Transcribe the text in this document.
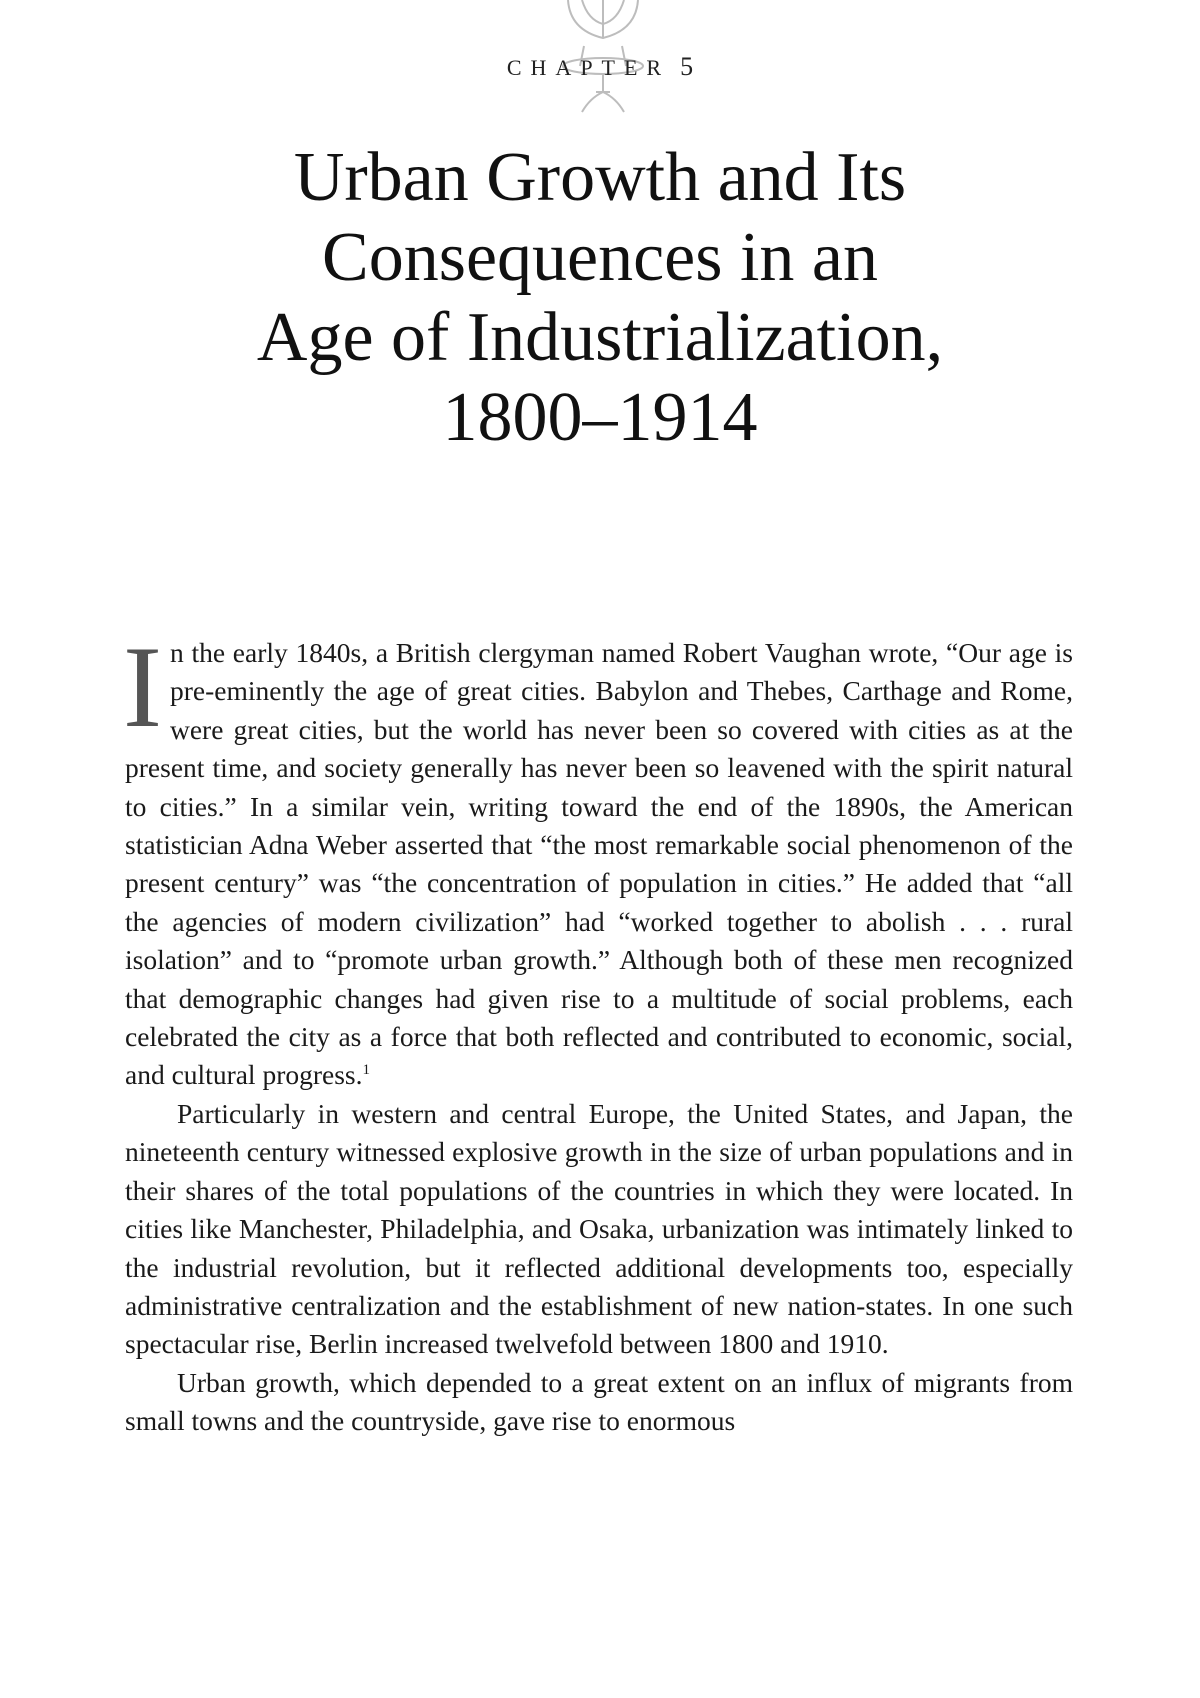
CHAPTER 5
Urban Growth and Its
Consequences in an
Age of Industrialization,
1800–1914

In the early 1840s, a British clergyman named Robert Vaughan wrote, “Our age is pre-eminently the age of great cities. Babylon and Thebes, Carthage and Rome, were great cities, but the world has never been so covered with cities as at the present time, and society generally has never been so leavened with the spirit natural to cities.” In a similar vein, writing toward the end of the 1890s, the American statistician Adna Weber asserted that “the most remarkable social phenomenon of the present century” was “the concentration of population in cities.” He added that “all the agencies of modern civilization” had “worked together to abolish . . . rural isolation” and to “promote urban growth.” Although both of these men recognized that demographic changes had given rise to a multitude of social problems, each celebrated the city as a force that both reflected and contributed to economic, social, and cultural progress.$^1$

Particularly in western and central Europe, the United States, and Japan, the nineteenth century witnessed explosive growth in the size of urban populations and in their shares of the total populations of the countries in which they were located. In cities like Manchester, Philadelphia, and Osaka, urbanization was intimately linked to the industrial revolution, but it reflected additional developments too, especially administrative centralization and the establishment of new nation-states. In one such spectacular rise, Berlin increased twelvefold between 1800 and 1910.

Urban growth, which depended to a great extent on an influx of migrants from small towns and the countryside, gave rise to enormous
